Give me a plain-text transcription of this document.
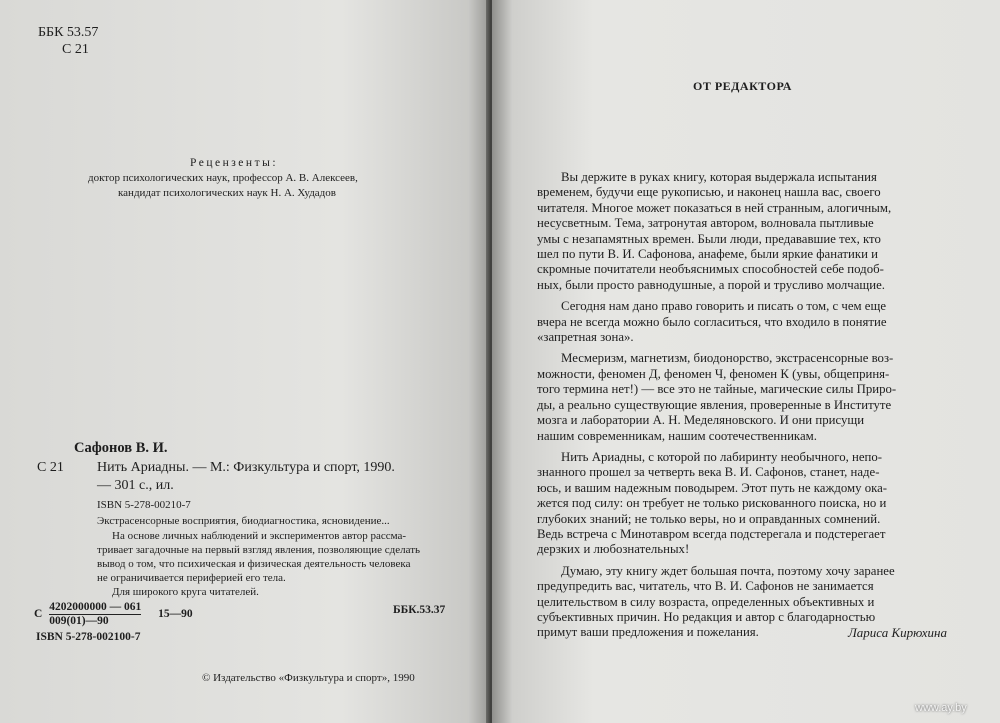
ББК 53.57
С 21
Рецензенты:
доктор психологических наук, профессор А. В. Алексеев,
кандидат психологических наук Н. А. Худадов
Сафонов В. И.
С 21 Нить Ариадны. — М.: Физкультура и спорт, 1990.
— 301 с., ил.
ISBN 5-278-00210-7
Экстрасенсорные восприятия, биодиагностика, ясновидение...
На основе личных наблюдений и экспериментов автор рассма-
тривает загадочные на первый взгляд явления, позволяющие сделать
вывод о том, что психическая и физическая деятельность человека
не ограничивается периферией его тела.
Для широкого круга читателей.
С $\frac{4202000000 — 061}{009(01)—90}$ 15—90	ББК.53.37
ISBN 5-278-002100-7
© Издательство «Физкультура и спорт», 1990
ОТ РЕДАКТОРА
Вы держите в руках книгу, которая выдержала испытания
временем, будучи еще рукописью, и наконец нашла вас, своего
читателя. Многое может показаться в ней странным, алогичным,
несусветным. Тема, затронутая автором, волновала пытливые
умы с незапамятных времен. Были люди, предававшие тех, кто
шел по пути В. И. Сафонова, анафеме, были яркие фанатики и
скромные почитатели необъяснимых способностей себе подоб-
ных, были просто равнодушные, а порой и трусливо молчащие.
Сегодня нам дано право говорить и писать о том, с чем еще
вчера не всегда можно было согласиться, что входило в понятие
«запретная зона».
Месмеризм, магнетизм, биодонорство, экстрасенсорные воз-
можности, феномен Д, феномен Ч, феномен К (увы, общеприня-
того термина нет!) — все это не тайные, магические силы Приро-
ды, а реально существующие явления, проверенные в Институте
мозга и лаборатории А. Н. Меделяновского. И они присущи
нашим современникам, нашим соотечественникам.
Нить Ариадны, с которой по лабиринту необычного, непо-
знанного прошел за четверть века В. И. Сафонов, станет, наде-
юсь, и вашим надежным поводырем. Этот путь не каждому ока-
жется под силу: он требует не только рискованного поиска, но и
глубоких знаний; не только веры, но и оправданных сомнений.
Ведь встреча с Минотавром всегда подстерегала и подстерегает
дерзких и любознательных!
Думаю, эту книгу ждет большая почта, поэтому хочу заранее
предупредить вас, читатель, что В. И. Сафонов не занимается
целительством в силу возраста, определенных объективных и
субъективных причин. Но редакция и автор с благодарностью
примут ваши предложения и пожелания.	Лариса Кирюхина
www.ay.by
